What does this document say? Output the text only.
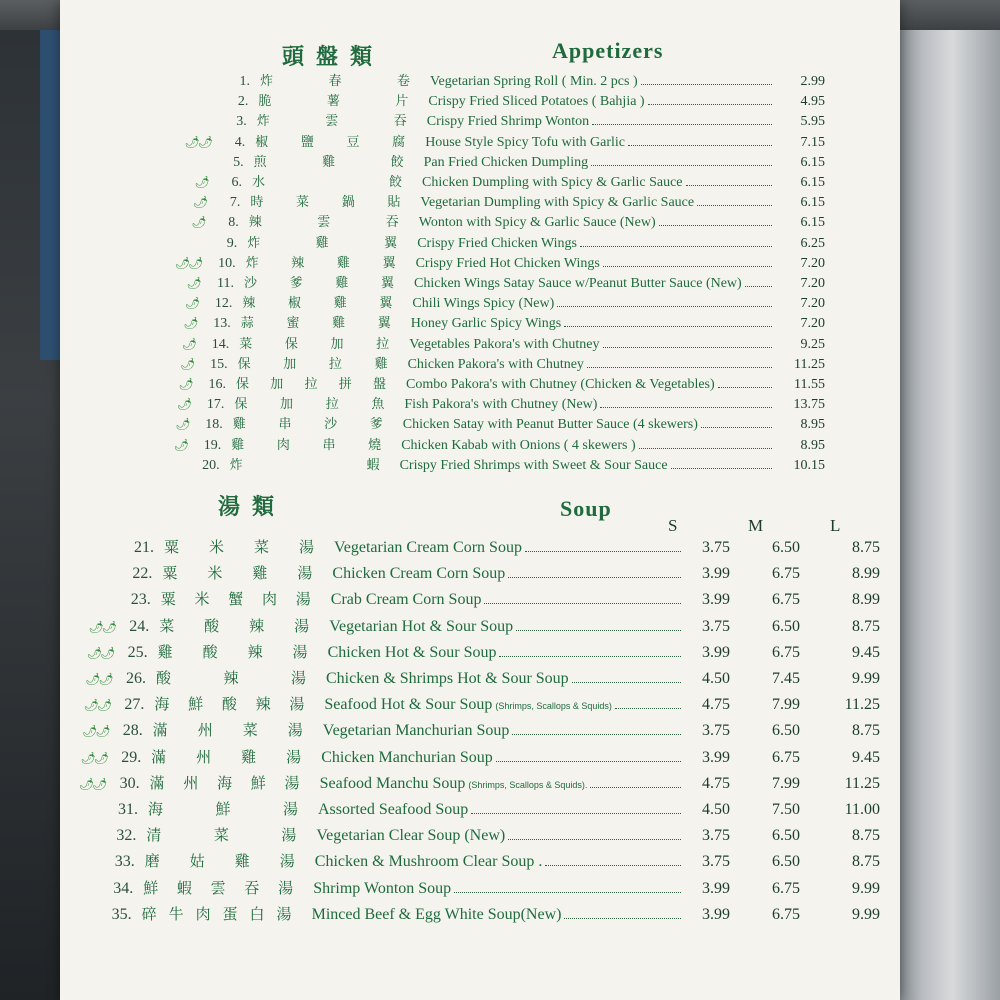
頭盤類	Appetizers
1. 炸	春	卷 Vegetarian Spring Roll ( Min. 2 pcs )	2.99
2. 脆	薯	片 Crispy Fried Sliced Potatoes ( Bahjia )	4.95
3. 炸	雲	吞 Crispy Fried Shrimp Wonton	5.95
🌶🌶	4. 椒	鹽	豆	腐 House Style Spicy Tofu with Garlic	7.15
5. 煎	雞	餃 Pan Fried Chicken Dumpling	6.15
🌶	6. 水	餃 Chicken Dumpling with Spicy & Garlic Sauce	6.15
🌶	7. 時	菜	鍋	貼 Vegetarian Dumpling with Spicy & Garlic Sauce	6.15
🌶	8. 辣	雲	吞 Wonton with Spicy & Garlic Sauce (New)	6.15
9. 炸	雞	翼 Crispy Fried Chicken Wings	6.25
🌶🌶	10. 炸	辣	雞	翼 Crispy Fried Hot Chicken Wings	7.20
🌶	11. 沙	爹	雞	翼 Chicken Wings Satay Sauce w/Peanut Butter Sauce (New)	7.20
🌶	12. 辣	椒	雞	翼 Chili Wings Spicy (New)	7.20
🌶	13. 蒜	蜜	雞	翼 Honey Garlic Spicy Wings	7.20
🌶	14. 菜	保	加	拉 Vegetables Pakora's with Chutney	9.25
🌶	15. 保	加	拉	雞 Chicken Pakora's with Chutney	11.25
🌶	16. 保 加 拉 拼 盤 Combo Pakora's with Chutney (Chicken & Vegetables)	11.55
🌶	17. 保	加	拉	魚 Fish Pakora's with Chutney (New)	13.75
🌶	18. 雞	串	沙	爹 Chicken Satay with Peanut Butter Sauce (4 skewers)	8.95
🌶	19. 雞	肉	串	燒 Chicken Kabab with Onions ( 4 skewers )	8.95
20. 炸	蝦 Crispy Fried Shrimps with Sweet & Sour Sauce	10.15
湯類	Soup
S	M	L
21. 粟 米 菜 湯 Vegetarian Cream Corn Soup	3.75	6.50	8.75
22. 粟 米 雞 湯 Chicken Cream Corn Soup	3.99	6.75	8.99
23. 粟 米 蟹 肉 湯 Crab Cream Corn Soup	3.99	6.75	8.99
🌶🌶 24. 菜 酸 辣 湯 Vegetarian Hot & Sour Soup	3.75	6.50	8.75
🌶🌶 25. 雞 酸 辣 湯 Chicken Hot & Sour Soup	3.99	6.75	9.45
🌶🌶 26. 酸	辣	湯 Chicken & Shrimps Hot & Sour Soup	4.50	7.45	9.99
🌶🌶 27. 海 鮮 酸 辣 湯 Seafood Hot & Sour Soup (Shrimps, Scallops & Squids)	4.75	7.99	11.25
🌶🌶 28. 滿 州 菜 湯 Vegetarian Manchurian Soup	3.75	6.50	8.75
🌶🌶 29. 滿 州 雞 湯 Chicken Manchurian Soup	3.99	6.75	9.45
🌶🌶 30. 滿 州 海 鮮 湯 Seafood Manchu Soup (Shrimps, Scallops & Squids).	4.75	7.99	11.25
31. 海	鮮	湯 Assorted Seafood Soup	4.50	7.50	11.00
32. 清	菜	湯 Vegetarian Clear Soup (New)	3.75	6.50	8.75
33. 磨 姑 雞 湯 Chicken & Mushroom Clear Soup .	3.75	6.50	8.75
34. 鮮 蝦 雲 吞 湯 Shrimp Wonton Soup	3.99	6.75	9.99
35. 碎 牛 肉 蛋 白 湯 Minced Beef & Egg White Soup(New)	3.99	6.75	9.99
